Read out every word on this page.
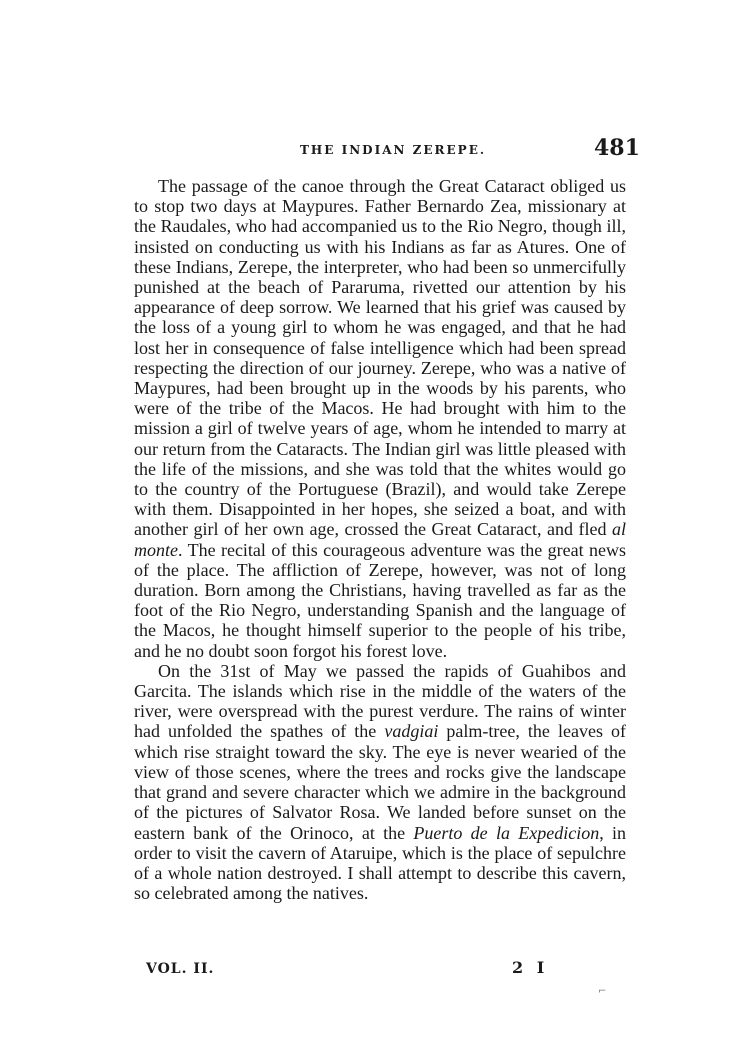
THE INDIAN ZEREPE.	481

The passage of the canoe through the Great Cataract obliged us to stop two days at Maypures. Father Bernardo Zea, missionary at the Raudales, who had accompanied us to the Rio Negro, though ill, insisted on conducting us with his Indians as far as Atures. One of these Indians, Zerepe, the interpreter, who had been so unmercifully punished at the beach of Pararuma, rivetted our attention by his appearance of deep sorrow. We learned that his grief was caused by the loss of a young girl to whom he was engaged, and that he had lost her in consequence of false intelligence which had been spread respecting the direction of our journey. Zerepe, who was a native of Maypures, had been brought up in the woods by his parents, who were of the tribe of the Macos. He had brought with him to the mission a girl of twelve years of age, whom he intended to marry at our return from the Cataracts. The Indian girl was little pleased with the life of the missions, and she was told that the whites would go to the country of the Portuguese (Brazil), and would take Zerepe with them. Disappointed in her hopes, she seized a boat, and with another girl of her own age, crossed the Great Cataract, and fled al monte. The recital of this courageous adventure was the great news of the place. The affliction of Zerepe, however, was not of long duration. Born among the Christians, having travelled as far as the foot of the Rio Negro, understanding Spanish and the language of the Macos, he thought himself superior to the people of his tribe, and he no doubt soon forgot his forest love.

On the 31st of May we passed the rapids of Guahibos and Garcita. The islands which rise in the middle of the waters of the river, were overspread with the purest verdure. The rains of winter had unfolded the spathes of the vadgiai palm-tree, the leaves of which rise straight toward the sky. The eye is never wearied of the view of those scenes, where the trees and rocks give the landscape that grand and severe character which we admire in the background of the pictures of Salvator Rosa. We landed before sunset on the eastern bank of the Orinoco, at the Puerto de la Expedicion, in order to visit the cavern of Ataruipe, which is the place of sepulchre of a whole nation destroyed. I shall attempt to describe this cavern, so celebrated among the natives.

VOL. II.	2 I
⌐
